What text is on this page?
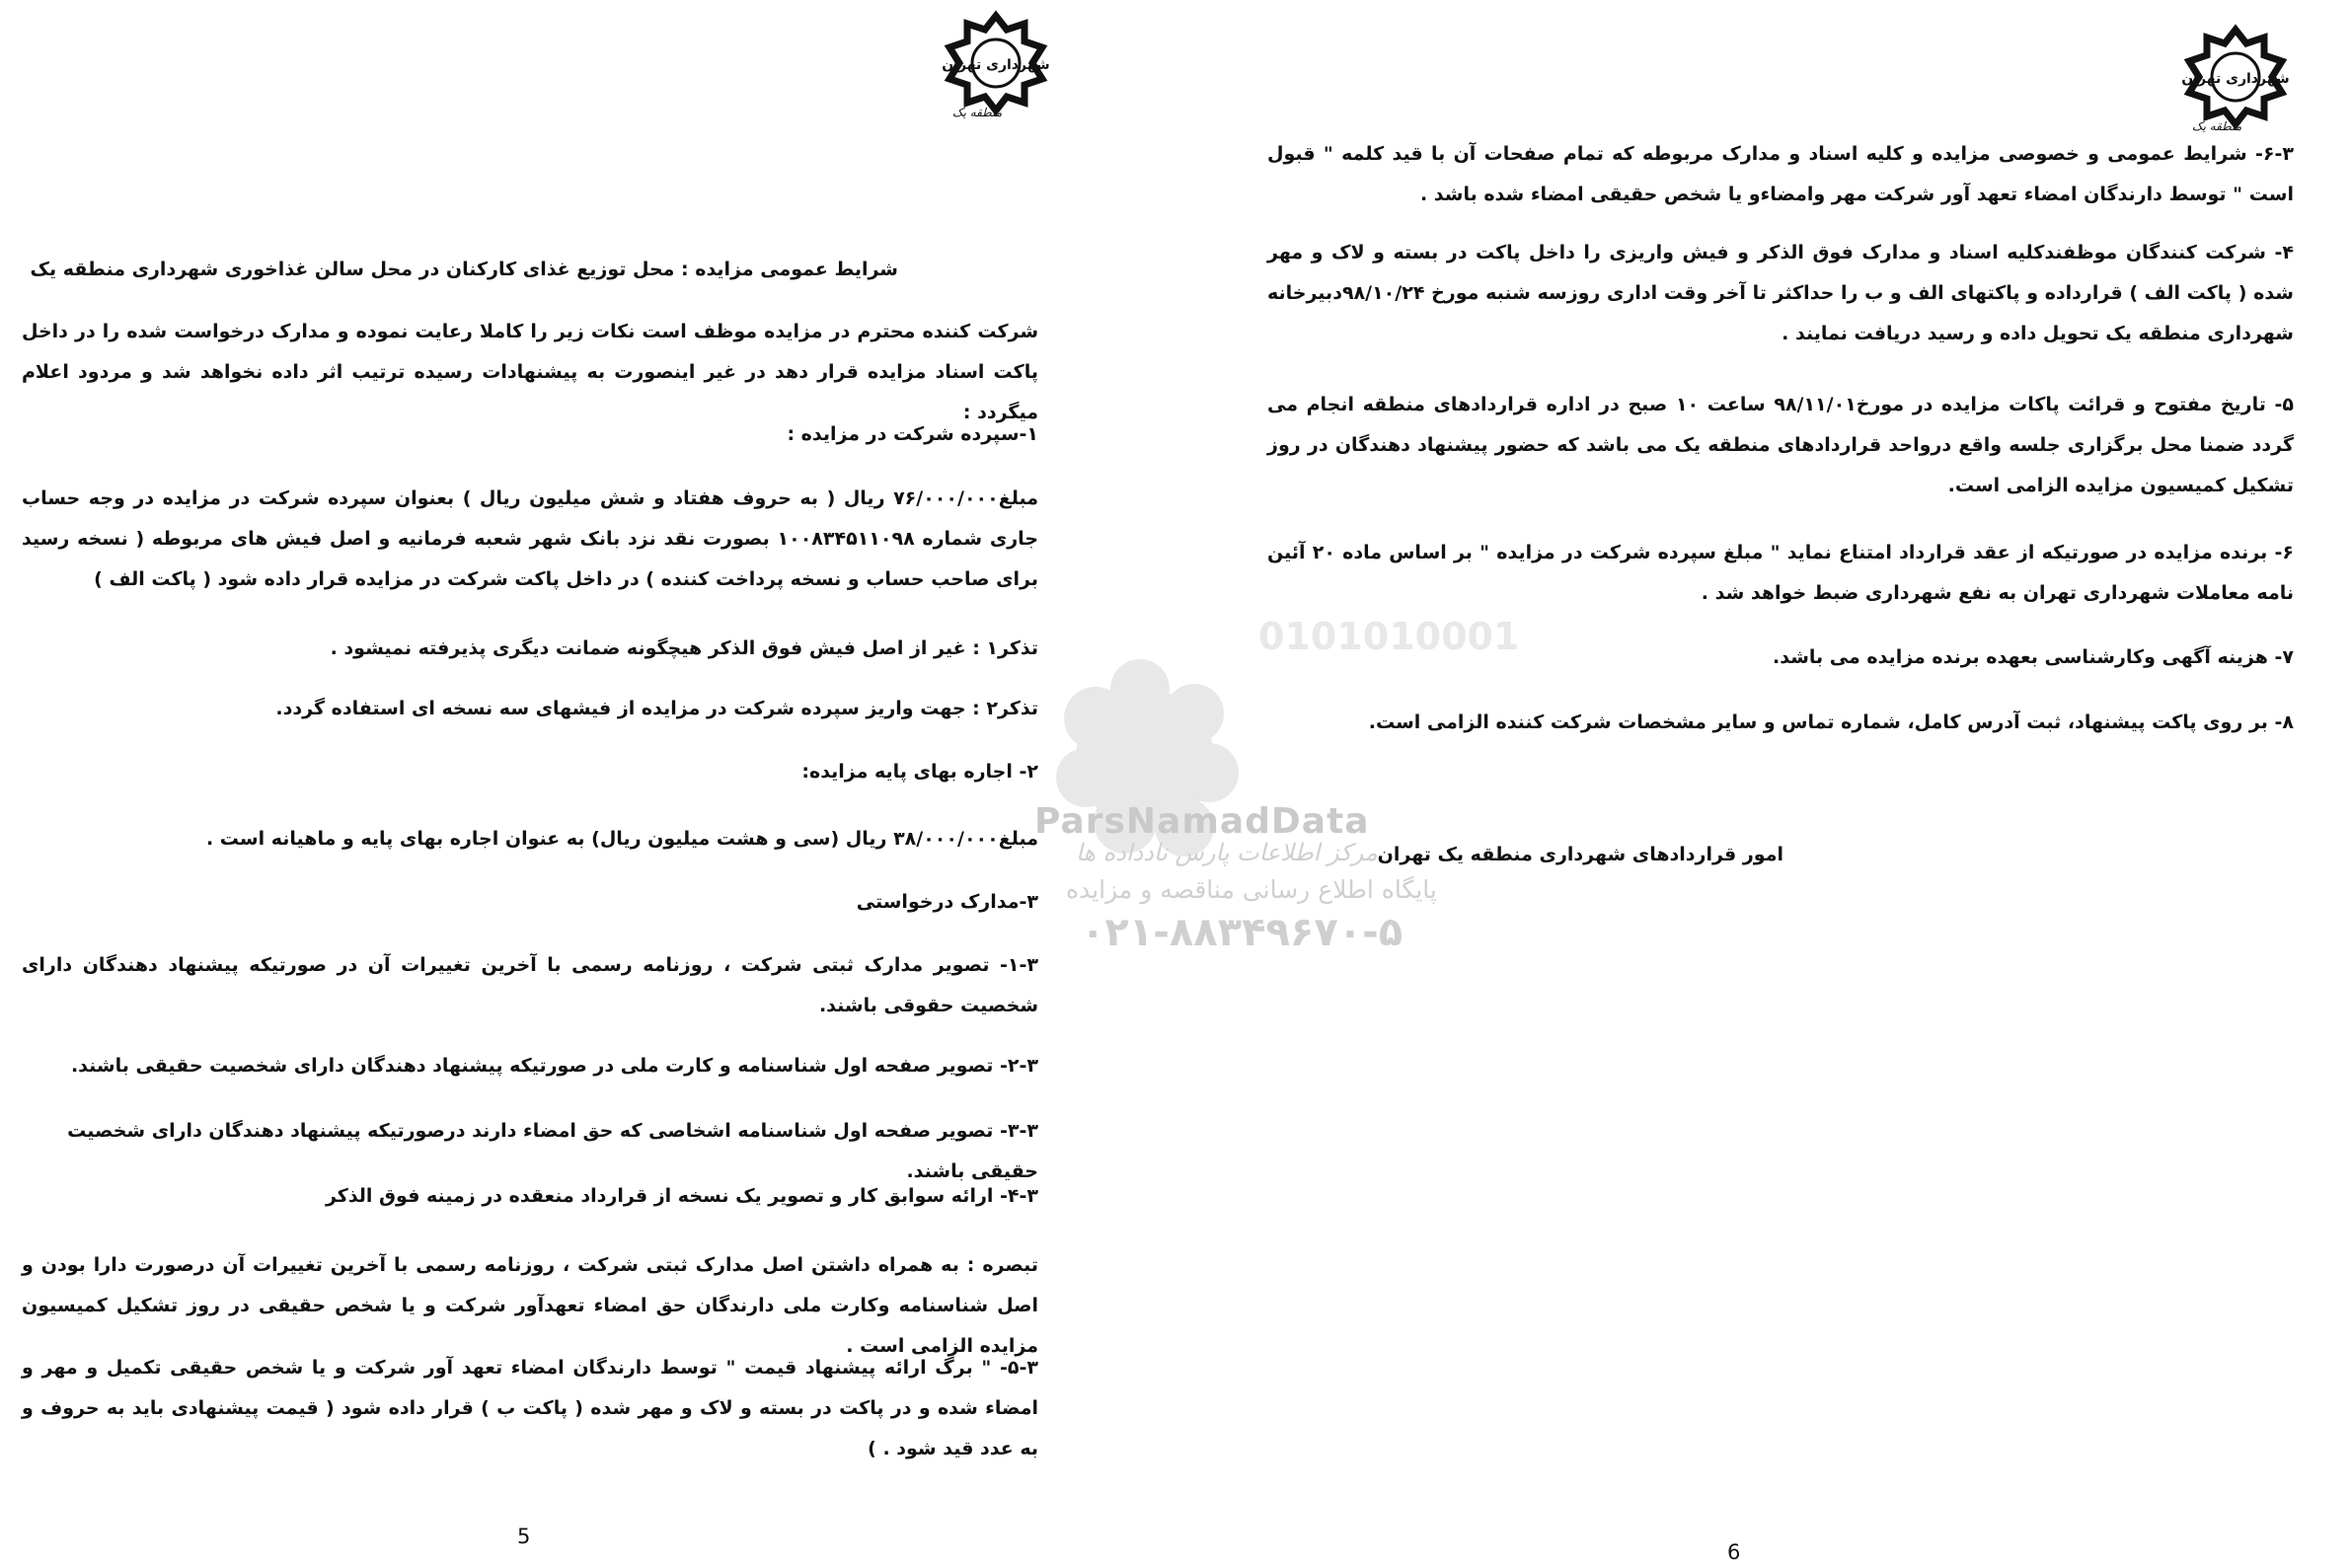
0101010001
ParsNamadData
مرکز اطلاعات پارس نادداده ها
پایگاه اطلاع رسانی مناقصه و مزایده
۰۲۱-۸۸۳۴۹۶۷۰-۵
شهرداری تهران
منطقه یک

۶-۳- شرایط عمومی و خصوصی مزایده و کلیه اسناد و مدارک مربوطه که تمام صفحات آن با قید کلمه " قبول است " توسط دارندگان امضاء تعهد آور شرکت مهر وامضاءو یا شخص حقیقی امضاء شده باشد .

۴- شرکت کنندگان موظفندکلیه اسناد و مدارک فوق الذکر و فیش واریزی را داخل پاکت در بسته و لاک و مهر شده ( پاکت الف ) قرارداده و پاکتهای الف و ب را حداکثر تا آخر وقت اداری روزسه شنبه مورخ ۹۸/۱۰/۲۴دبیرخانه شهرداری منطقه یک تحویل داده و رسید دریافت نمایند .

۵- تاریخ مفتوح و قرائت پاکات مزایده در مورخ۹۸/۱۱/۰۱ ساعت ۱۰ صبح در اداره قراردادهای منطقه انجام می گردد ضمنا محل برگزاری جلسه واقع درواحد قراردادهای منطقه یک می باشد که حضور پیشنهاد دهندگان در روز تشکیل کمیسیون مزایده الزامی است.

۶- برنده مزایده در صورتیکه از عقد قرارداد امتناع نماید " مبلغ سپرده شرکت در مزایده " بر اساس ماده ۲۰ آئین نامه معاملات شهرداری تهران به نفع شهرداری ضبط خواهد شد .

۷- هزینه آگهی وکارشناسی بعهده برنده مزایده می باشد.

۸- بر روی پاکت پیشنهاد، ثبت آدرس کامل، شماره تماس و سایر مشخصات شرکت کننده الزامی است.

امور قراردادهای شهرداری منطقه یک تهران

6
شهرداری تهران
منطقه یک

شرایط عمومی مزایده : محل توزیع غذای کارکنان در محل سالن غذاخوری شهرداری منطقه یک

شرکت کننده محترم در مزایده موظف است نکات زیر را کاملا رعایت نموده و مدارک درخواست شده را در داخل پاکت اسناد مزایده قرار دهد در غیر اینصورت به پیشنهادات رسیده ترتیب اثر داده نخواهد شد و مردود اعلام میگردد :

۱-سپرده شرکت در مزایده :

مبلغ۷۶/۰۰۰/۰۰۰ ریال ( به حروف هفتاد و شش میلیون ریال ) بعنوان سپرده شرکت در مزایده در وجه حساب جاری شماره ۱۰۰۸۳۴۵۱۱۰۹۸ بصورت نقد نزد بانک شهر شعبه فرمانیه و اصل فیش های مربوطه ( نسخه رسید برای صاحب حساب و نسخه پرداخت کننده ) در داخل پاکت شرکت در مزایده قرار داده شود ( پاکت الف )

تذکر۱ : غیر از اصل فیش فوق الذکر هیچگونه ضمانت دیگری پذیرفته نمیشود .

تذکر۲ : جهت واریز سپرده شرکت در مزایده از فیشهای سه نسخه ای استفاده گردد.

۲- اجاره بهای پایه مزایده:

مبلغ۳۸/۰۰۰/۰۰۰ ریال (سی و هشت میلیون ریال) به عنوان اجاره بهای پایه و ماهیانه است .

۳-مدارک درخواستی

۱-۳- تصویر مدارک ثبتی شرکت ، روزنامه رسمی با آخرین تغییرات آن در صورتیکه پیشنهاد دهندگان دارای شخصیت حقوقی باشند.

۲-۳- تصویر صفحه اول شناسنامه و کارت ملی در صورتیکه پیشنهاد دهندگان دارای شخصیت حقیقی باشند.

۳-۳- تصویر صفحه اول شناسنامه اشخاصی که حق امضاء دارند درصورتیکه پیشنهاد دهندگان دارای شخصیت حقیقی باشند.

۴-۳- ارائه سوابق کار و تصویر یک نسخه از قرارداد منعقده در زمینه فوق الذکر

تبصره : به همراه داشتن اصل مدارک ثبتی شرکت ، روزنامه رسمی با آخرین تغییرات آن درصورت دارا بودن و اصل شناسنامه وکارت ملی دارندگان حق امضاء تعهدآور شرکت و یا شخص حقیقی در روز تشکیل کمیسیون مزایده الزامی است .

۵-۳- " برگ ارائه پیشنهاد قیمت " توسط دارندگان امضاء تعهد آور شرکت و یا شخص حقیقی تکمیل و مهر و امضاء شده و در پاکت در بسته و لاک و مهر شده ( پاکت ب ) قرار داده شود ( قیمت پیشنهادی باید به حروف و به عدد قید شود . )

5
